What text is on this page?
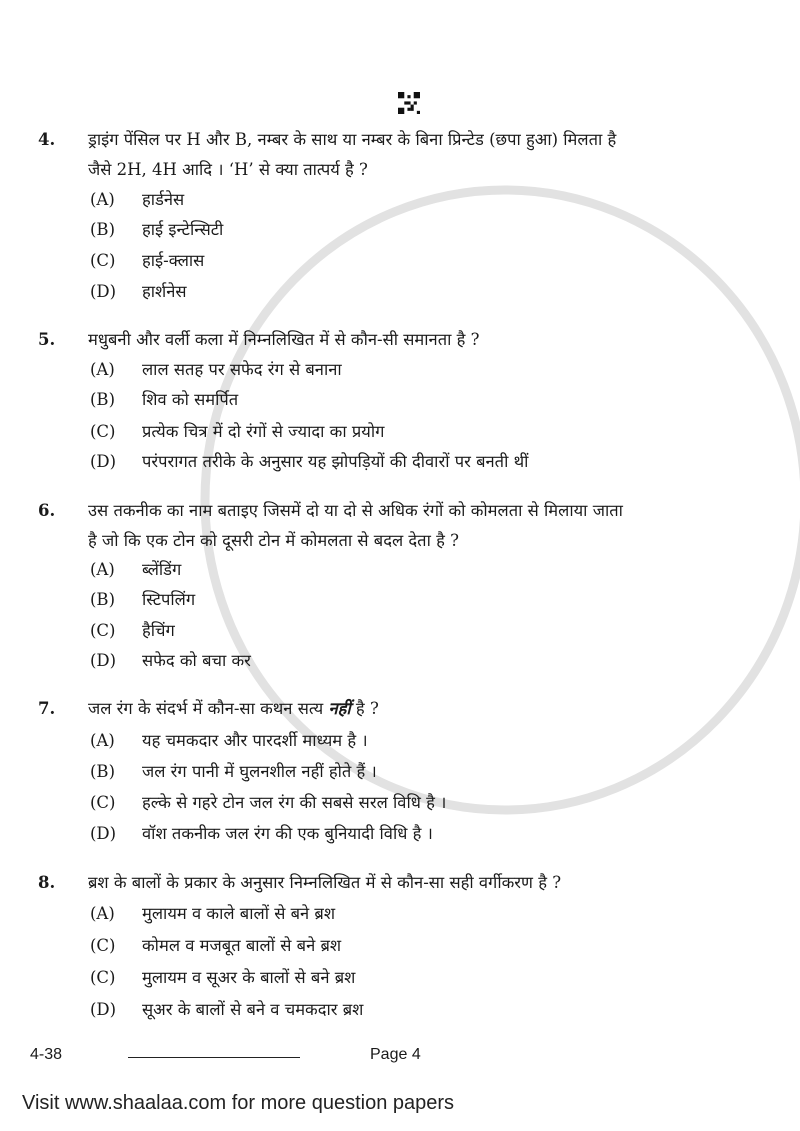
4. ड्राइंग पेंसिल पर H और B, नम्बर के साथ या नम्बर के बिना प्रिन्टेड (छपा हुआ) मिलता है
जैसे 2H, 4H आदि । ‘H’ से क्या तात्पर्य है ?
(A) हार्डनेस
(B) हाई इन्टेन्सिटी
(C) हाई-क्लास
(D) हार्शनेस
5. मधुबनी और वर्ली कला में निम्नलिखित में से कौन-सी समानता है ?
(A) लाल सतह पर सफेद रंग से बनाना
(B) शिव को समर्पित
(C) प्रत्येक चित्र में दो रंगों से ज्यादा का प्रयोग
(D) परंपरागत तरीके के अनुसार यह झोपड़ियों की दीवारों पर बनती थीं
6. उस तकनीक का नाम बताइए जिसमें दो या दो से अधिक रंगों को कोमलता से मिलाया जाता
है जो कि एक टोन को दूसरी टोन में कोमलता से बदल देता है ?
(A) ब्लेंडिंग
(B) स्टिपलिंग
(C) हैचिंग
(D) सफेद को बचा कर
7. जल रंग के संदर्भ में कौन-सा कथन सत्य नहीं है ?
(A) यह चमकदार और पारदर्शी माध्यम है ।
(B) जल रंग पानी में घुलनशील नहीं होते हैं ।
(C) हल्के से गहरे टोन जल रंग की सबसे सरल विधि है ।
(D) वॉश तकनीक जल रंग की एक बुनियादी विधि है ।
8. ब्रश के बालों के प्रकार के अनुसार निम्नलिखित में से कौन-सा सही वर्गीकरण है ?
(A) मुलायम व काले बालों से बने ब्रश
(C) कोमल व मजबूत बालों से बने ब्रश
(C) मुलायम व सूअर के बालों से बने ब्रश
(D) सूअर के बालों से बने व चमकदार ब्रश
4-38	Page 4
Visit www.shaalaa.com for more question papers
